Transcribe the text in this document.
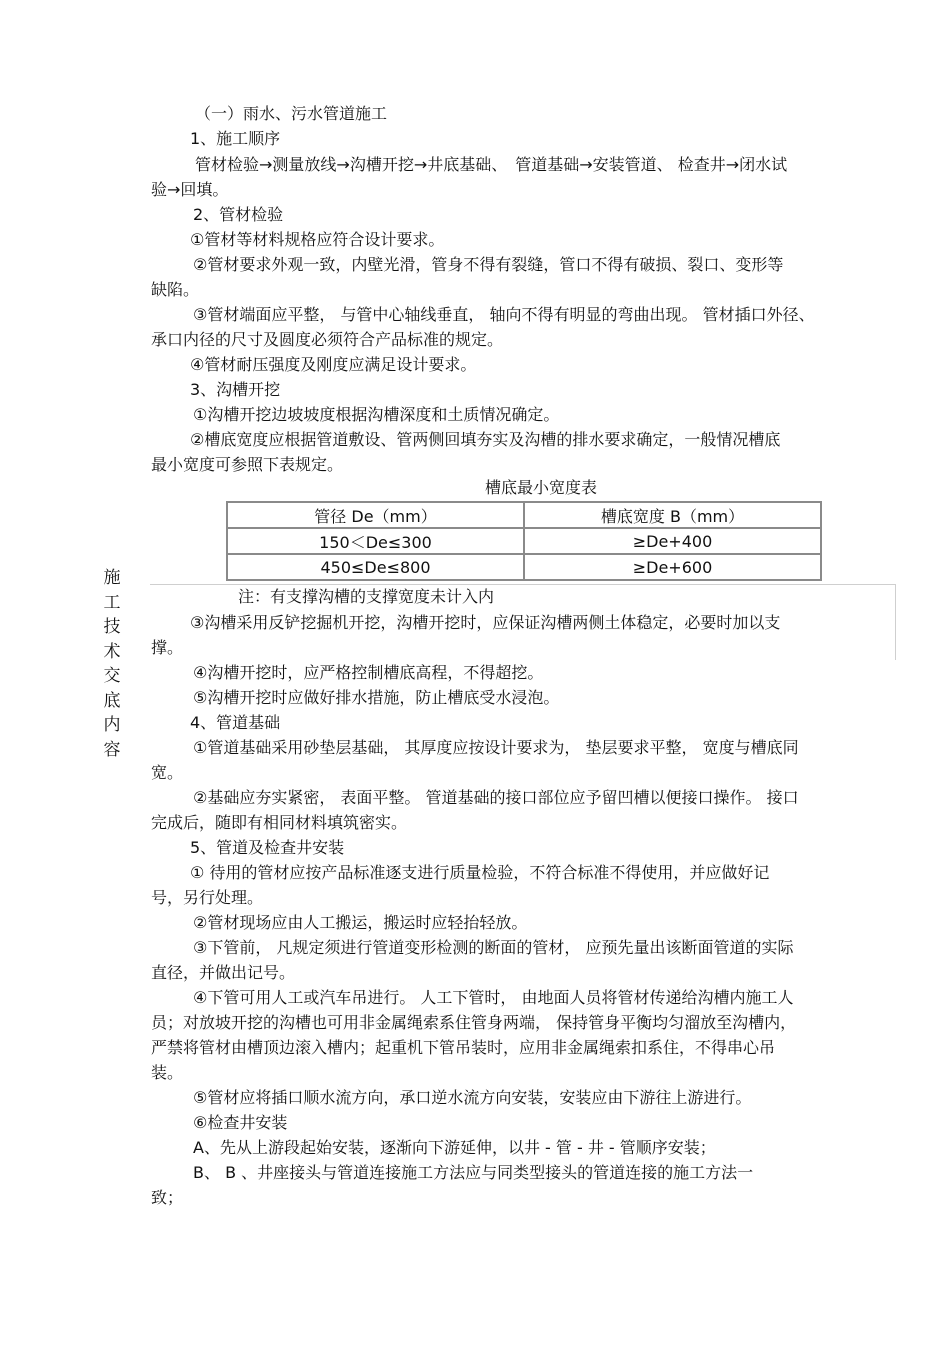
施
工
技
术
交
底
内
容
（一）雨水、污水管道施工
1、施工顺序
管材检验→测量放线→沟槽开挖→井底基础、　管道基础→安装管道、 检查井→闭水试
验→回填。
2、管材检验
①管材等材料规格应符合设计要求。
②管材要求外观一致，内壁光滑，管身不得有裂缝，管口不得有破损、裂口、变形等
缺陷。
③管材端面应平整， 与管中心轴线垂直， 轴向不得有明显的弯曲出现。 管材插口外径、
承口内径的尺寸及圆度必须符合产品标准的规定。
④管材耐压强度及刚度应满足设计要求。
3、沟槽开挖
①沟槽开挖边坡坡度根据沟槽深度和土质情况确定。
②槽底宽度应根据管道敷设、管两侧回填夯实及沟槽的排水要求确定，一般情况槽底
最小宽度可参照下表规定。
槽底最小宽度表
管径 De（mm）	槽底宽度 B（mm）
150＜De≤300	≥De+400
450≤De≤800	≥De+600
注：有支撑沟槽的支撑宽度未计入内
③沟槽采用反铲挖掘机开挖，沟槽开挖时，应保证沟槽两侧土体稳定，必要时加以支
撑。
④沟槽开挖时，应严格控制槽底高程，不得超挖。
⑤沟槽开挖时应做好排水措施，防止槽底受水浸泡。
4、管道基础
①管道基础采用砂垫层基础， 其厚度应按设计要求为， 垫层要求平整， 宽度与槽底同
宽。
②基础应夯实紧密， 表面平整。 管道基础的接口部位应予留凹槽以便接口操作。 接口
完成后，随即有相同材料填筑密实。
5、管道及检查井安装
① 待用的管材应按产品标准逐支进行质量检验，不符合标准不得使用，并应做好记
号，另行处理。
②管材现场应由人工搬运，搬运时应轻抬轻放。
③下管前， 凡规定须进行管道变形检测的断面的管材， 应预先量出该断面管道的实际
直径，并做出记号。
④下管可用人工或汽车吊进行。 人工下管时， 由地面人员将管材传递给沟槽内施工人
员；对放坡开挖的沟槽也可用非金属绳索系住管身两端， 保持管身平衡均匀溜放至沟槽内，
严禁将管材由槽顶边滚入槽内；起重机下管吊装时，应用非金属绳索扣系住，不得串心吊
装。
⑤管材应将插口顺水流方向，承口逆水流方向安装，安装应由下游往上游进行。
⑥检查井安装
A、先从上游段起始安装，逐渐向下游延伸，以井 - 管 - 井 - 管顺序安装；
B、 B 、井座接头与管道连接施工方法应与同类型接头的管道连接的施工方法一
致；
